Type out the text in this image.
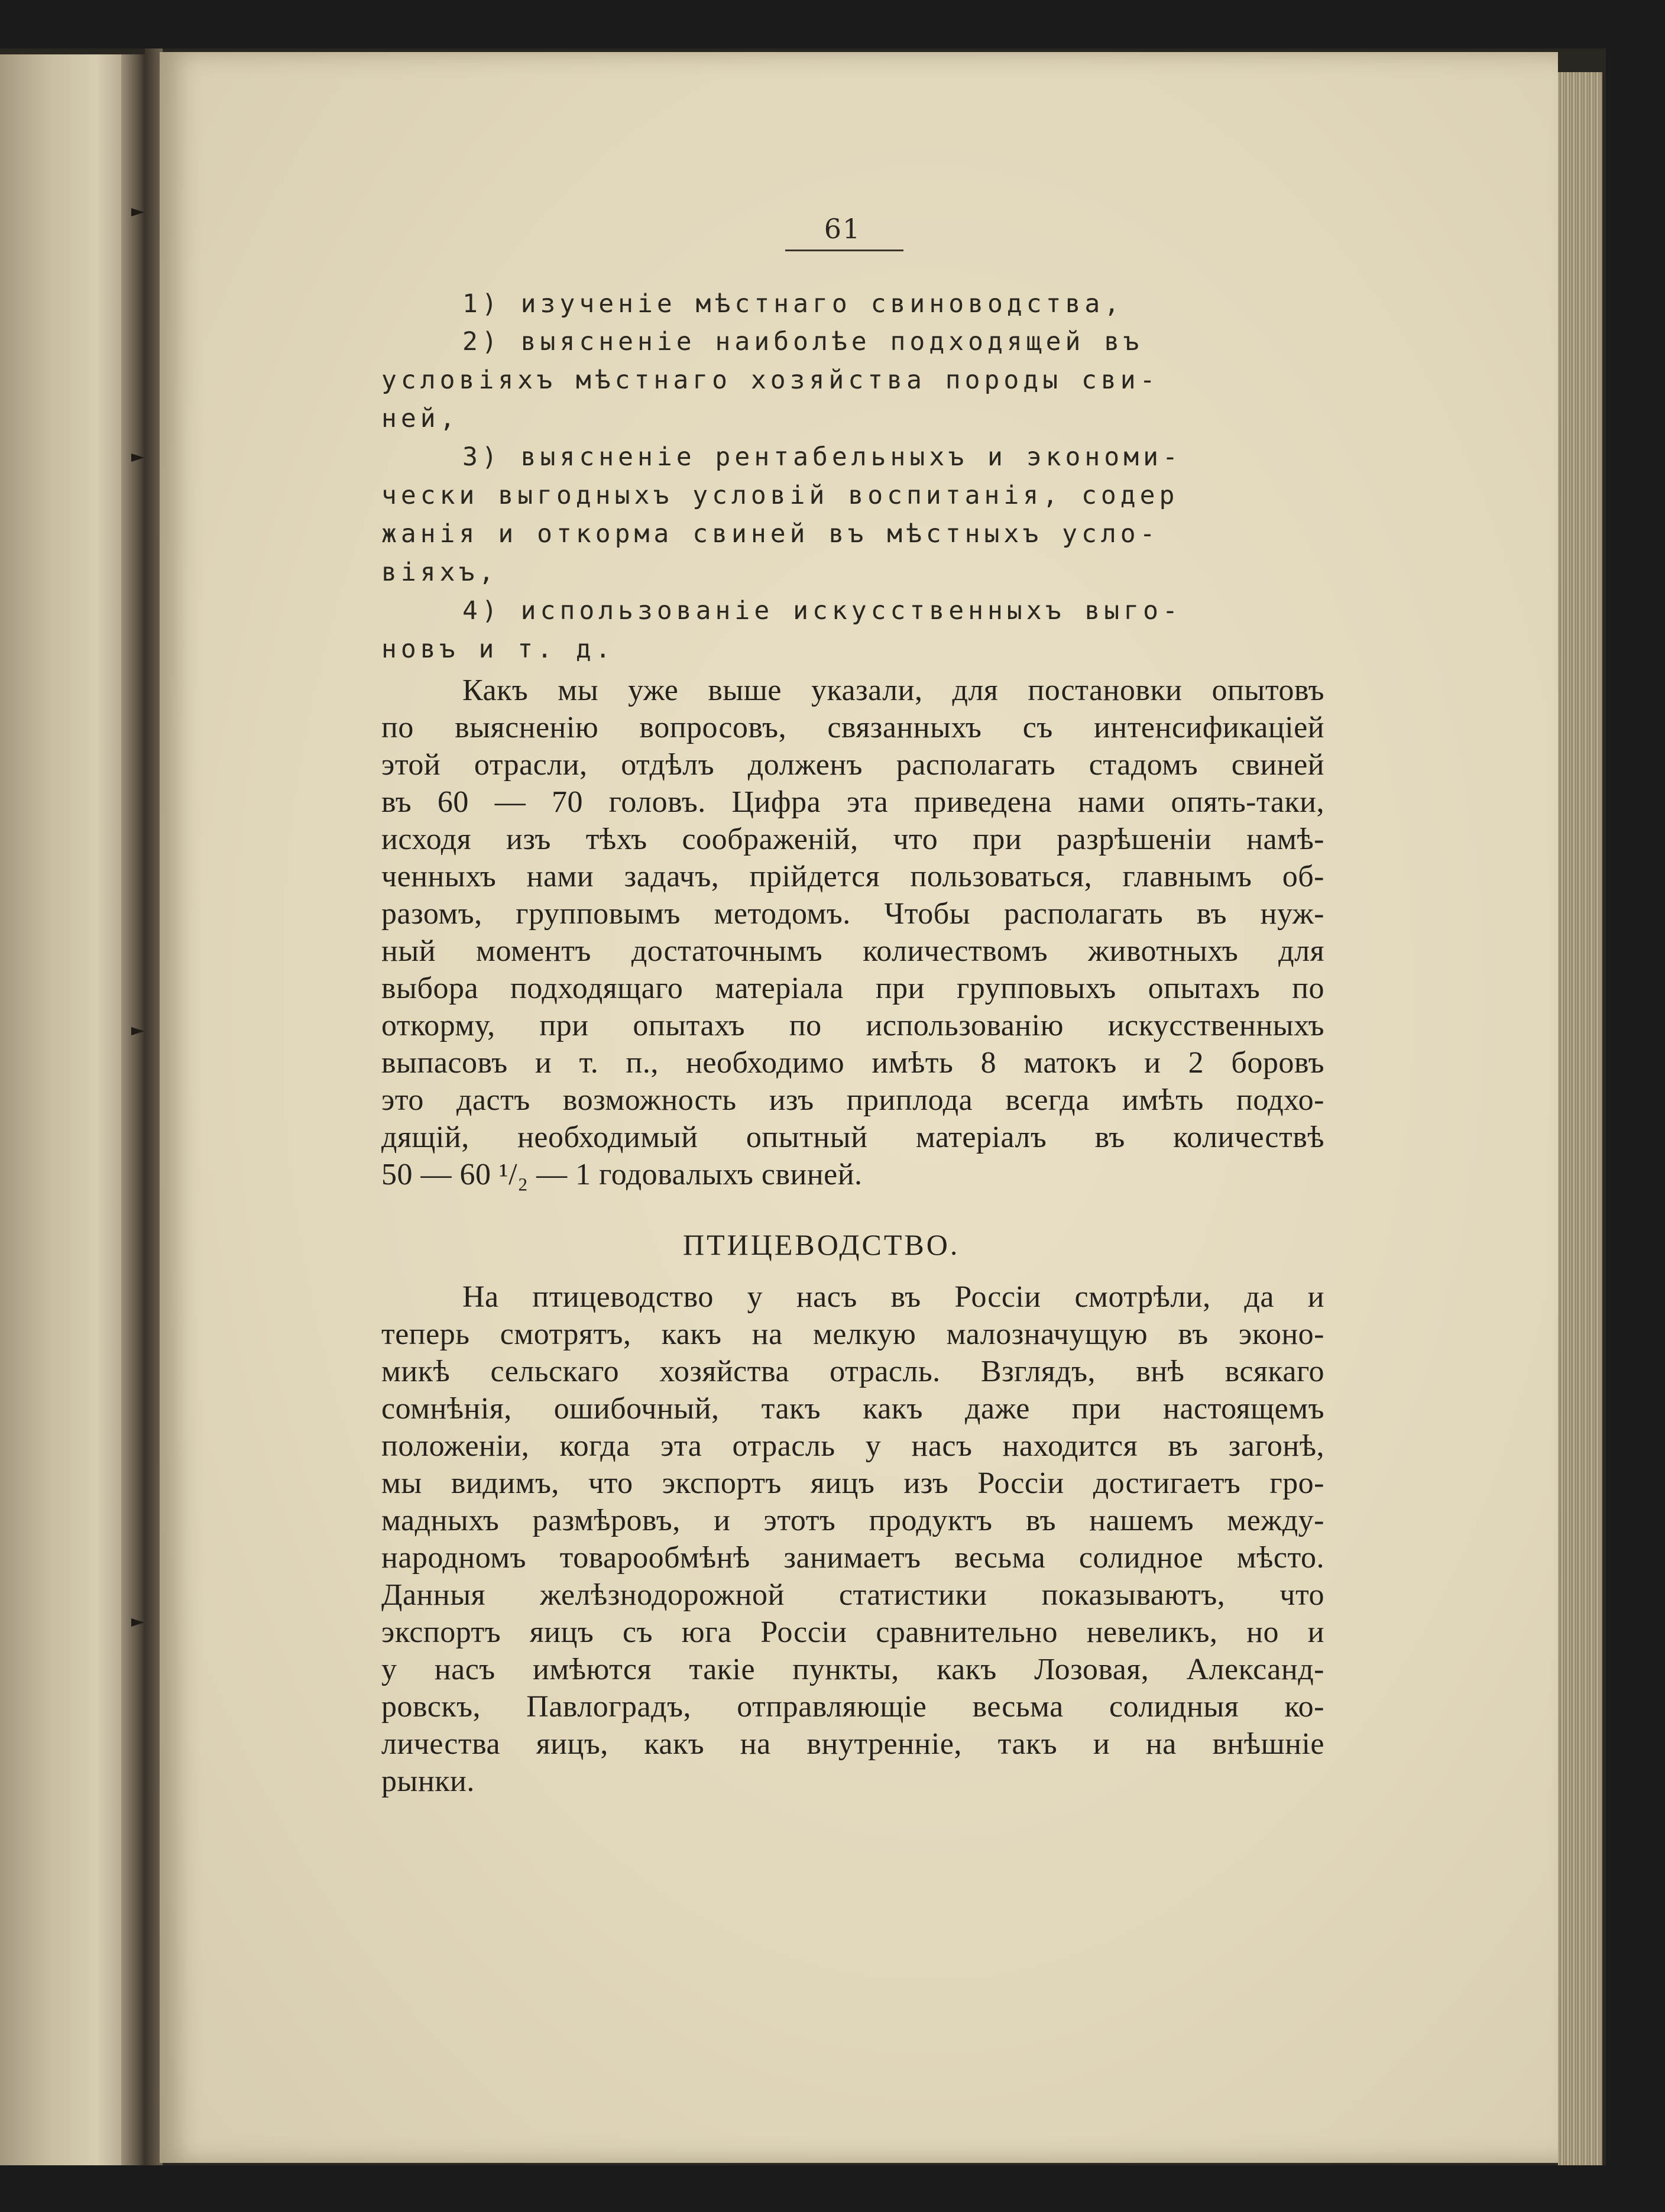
61
1) изученіе мѣстнаго свиноводства,
2) выясненіе наиболѣе подходящей въ
условіяхъ мѣстнаго хозяйства породы сви-
ней,
3) выясненіе рентабельныхъ и экономи-
чески выгодныхъ условій воспитанія, содер
жанія и откорма свиней въ мѣстныхъ усло-
віяхъ,
4) использованіе искусственныхъ выго-
новъ и т. д.
Какъ мы уже выше указали, для постановки опытовъ
по выясненію вопросовъ, связанныхъ съ интенсификаціей
этой отрасли, отдѣлъ долженъ располагать стадомъ свиней
въ 60 — 70 головъ. Цифра эта приведена нами опять-таки,
исходя изъ тѣхъ соображеній, что при разрѣшеніи намѣ-
ченныхъ нами задачъ, прійдется пользоваться, главнымъ об-
разомъ, групповымъ методомъ. Чтобы располагать въ нуж-
ный моментъ достаточнымъ количествомъ животныхъ для
выбора подходящаго матеріала при групповыхъ опытахъ по
откорму, при опытахъ по использованію искусственныхъ
выпасовъ и т. п., необходимо имѣть 8 матокъ и 2 боровъ
это дастъ возможность изъ приплода всегда имѣть подхо-
дящій, необходимый опытный матеріалъ въ количествѣ
50 — 60 ¹/₂ — 1 годовалыхъ свиней.
ПТИЦЕВОДСТВО.
На птицеводство у насъ въ Россіи смотрѣли, да и
теперь смотрятъ, какъ на мелкую малозначущую въ эконо-
микѣ сельскаго хозяйства отрасль. Взглядъ, внѣ всякаго
сомнѣнія, ошибочный, такъ какъ даже при настоящемъ
положеніи, когда эта отрасль у насъ находится въ загонѣ,
мы видимъ, что экспортъ яицъ изъ Россіи достигаетъ гро-
мадныхъ размѣровъ, и этотъ продуктъ въ нашемъ между-
народномъ товарообмѣнѣ занимаетъ весьма солидное мѣсто.
Данныя желѣзнодорожной статистики показываютъ, что
экспортъ яицъ съ юга Россіи сравнительно невеликъ, но и
у насъ имѣются такіе пункты, какъ Лозовая, Александ-
ровскъ, Павлоградъ, отправляющіе весьма солидныя ко-
личества яицъ, какъ на внутренніе, такъ и на внѣшніе
рынки.
